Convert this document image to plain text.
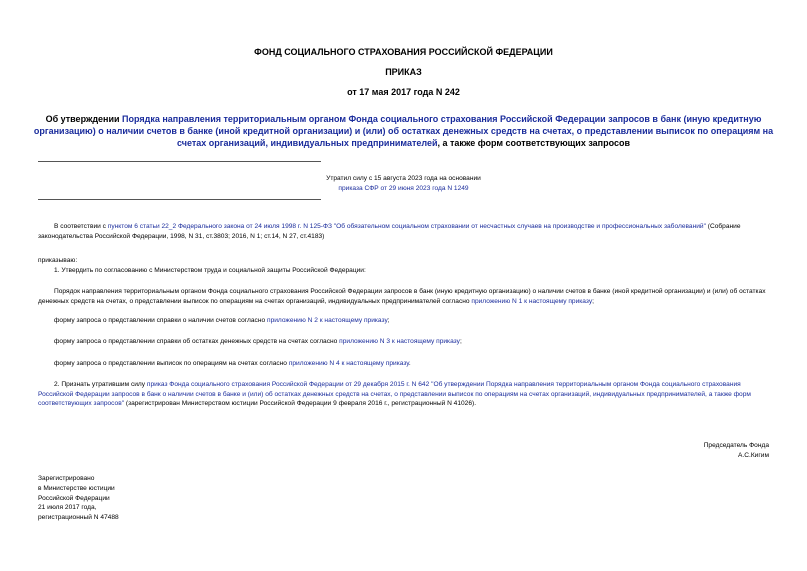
ФОНД СОЦИАЛЬНОГО СТРАХОВАНИЯ РОССИЙСКОЙ ФЕДЕРАЦИИ
ПРИКАЗ
от 17 мая 2017 года N 242
Об утверждении Порядка направления территориальным органом Фонда социального страхования Российской Федерации запросов в банк (иную кредитную организацию) о наличии счетов в банке (иной кредитной организации) и (или) об остатках денежных средств на счетах, о представлении выписок по операциям на счетах организаций, индивидуальных предпринимателей, а также форм соответствующих запросов
Утратил силу с 15 августа 2023 года на основании
приказа СФР от 29 июня 2023 года N 1249
В соответствии с пунктом 6 статьи 22_2 Федерального закона от 24 июля 1998 г. N 125-ФЗ "Об обязательном социальном страховании от несчастных случаев на производстве и профессиональных заболеваний" (Собрание законодательства Российской Федерации, 1998, N 31, ст.3803; 2016, N 1; ст.14, N 27, ст.4183)
приказываю:
1. Утвердить по согласованию с Министерством труда и социальной защиты Российской Федерации:
Порядок направления территориальным органом Фонда социального страхования Российской Федерации запросов в банк (иную кредитную организацию) о наличии счетов в банке (иной кредитной организации) и (или) об остатках денежных средств на счетах, о представлении выписок по операциям на счетах организаций, индивидуальных предпринимателей согласно приложению N 1 к настоящему приказу;
форму запроса о представлении справки о наличии счетов согласно приложению N 2 к настоящему приказу;
форму запроса о представлении справки об остатках денежных средств на счетах согласно приложению N 3 к настоящему приказу;
форму запроса о представлении выписок по операциям на счетах согласно приложению N 4 к настоящему приказу.
2. Признать утратившим силу приказ Фонда социального страхования Российской Федерации от 29 декабря 2015 г. N 642 "Об утверждении Порядка направления территориальным органом Фонда социального страхования Российской Федерации запросов в банк о наличии счетов в банке и (или) об остатках денежных средств на счетах, о представлении выписок по операциям на счетах организаций, индивидуальных предпринимателей, а также форм соответствующих запросов" (зарегистрирован Министерством юстиции Российской Федерации 9 февраля 2016 г., регистрационный N 41026).
Председатель Фонда
А.С.Кигим
Зарегистрировано
в Министерстве юстиции
Российской Федерации
21 июля 2017 года,
регистрационный N 47488
